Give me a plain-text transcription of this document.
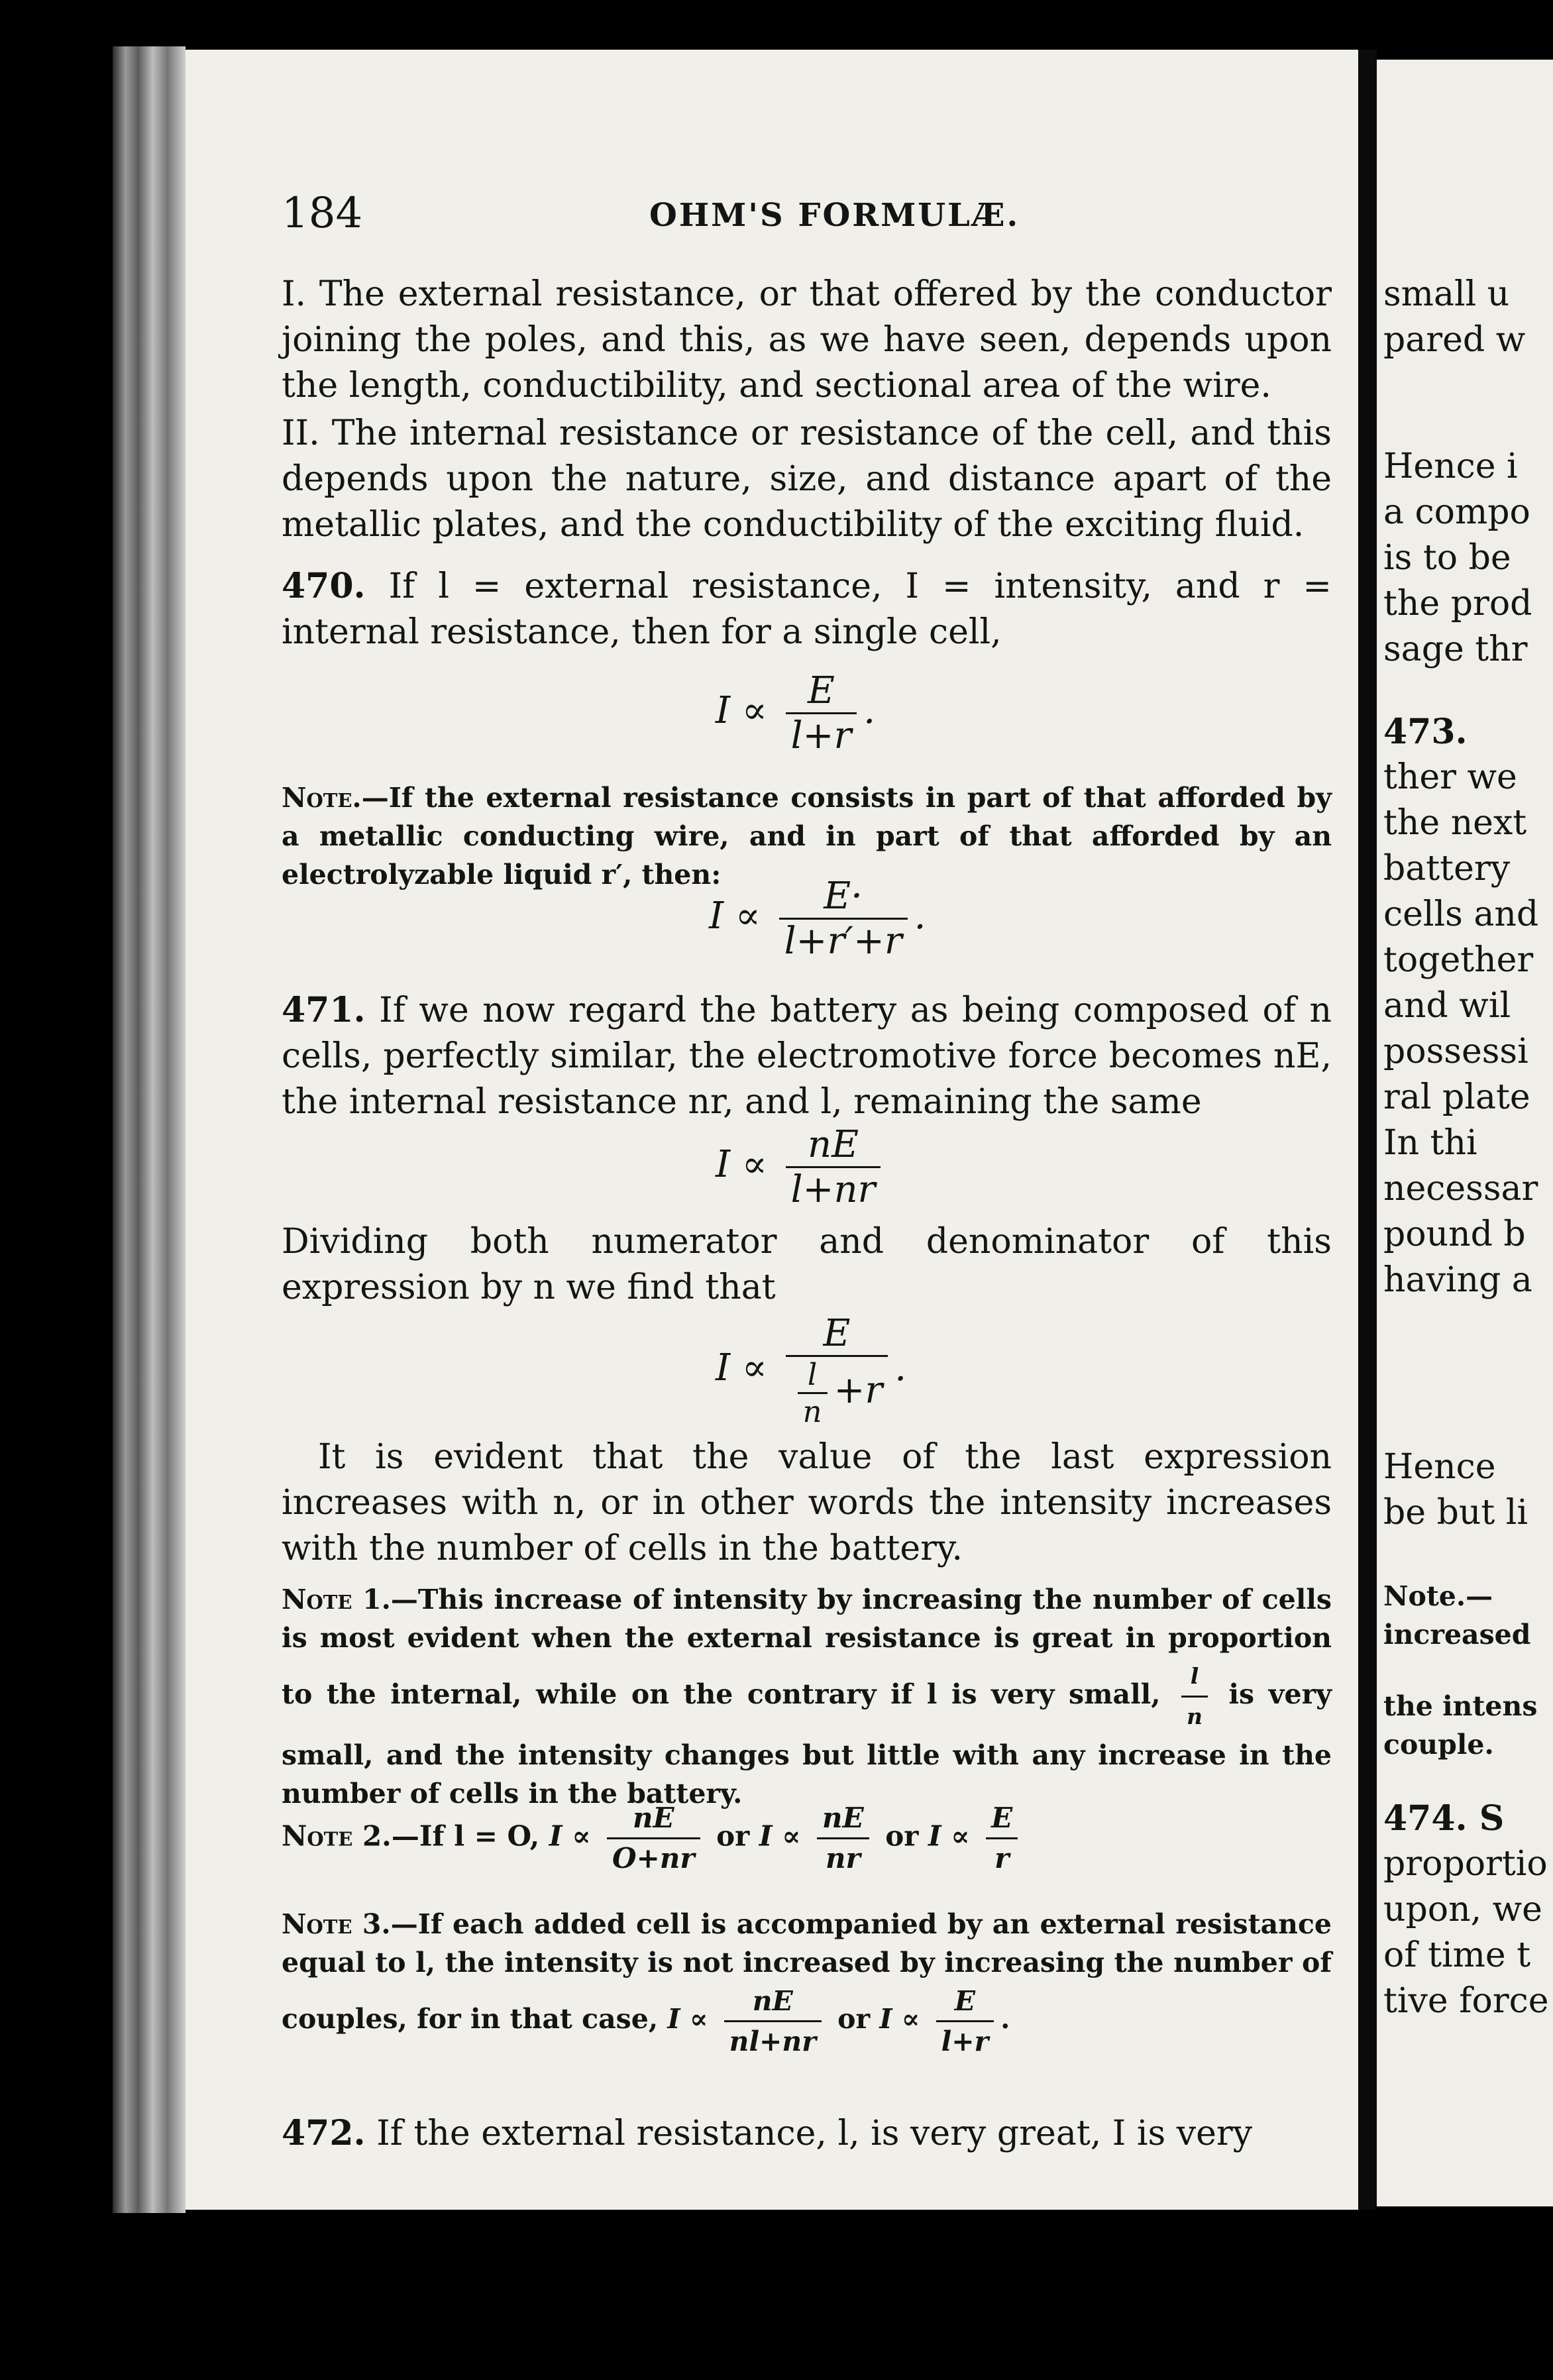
184	OHM'S FORMULÆ.

I. The external resistance, or that offered by the conductor joining the poles, and this, as we have seen, depends upon the length, conductibility, and sectional area of the wire.

II. The internal resistance or resistance of the cell, and this depends upon the nature, size, and distance apart of the metallic plates, and the conductibility of the exciting fluid.

470. If l = external resistance, I = intensity, and r = internal resistance, then for a single cell,

$I \propto \frac{E}{l+r}$ .

Note.—If the external resistance consists in part of that afforded by a metallic conducting wire, and in part of that afforded by an electrolyzable liquid r′, then:

$I \propto \frac{E\cdot}{l+r'+r}$ .

471. If we now regard the battery as being composed of n cells, perfectly similar, the electromotive force becomes nE, the internal resistance nr, and l, remaining the same

$I \propto \frac{nE}{l+nr}$

Dividing both numerator and denominator of this expression by n we find that

$I \propto \frac{E}{\frac{l}{n} +r}$ .

It is evident that the value of the last expression increases with n, or in other words the intensity increases with the number of cells in the battery.

Note 1.—This increase of intensity by increasing the number of cells is most evident when the external resistance is great in proportion to the internal, while on the contrary if l is very small, $\frac{l}{n}$ is very small, and the intensity changes but little with any increase in the number of cells in the battery.

Note 2.—If l = O, $I \propto \frac{nE}{O+nr}$ or $I \propto \frac{nE}{nr}$ or $I \propto \frac{E}{r}$

Note 3.—If each added cell is accompanied by an external resistance equal to l, the intensity is not increased by increasing the number of couples, for in that case, $I \propto \frac{nE}{nl+nr}$ or $I \propto \frac{E}{l+r}$ .

472. If the external resistance, l, is very great, I is very

small u
pared w
Hence i
a compo
is to be
the prod
sage thr
473.
ther we
the next
battery
cells and
together
and wil
possessi
ral plate
In thi
necessar
pound b
having a
Hence
be but li
Note.—
increased
the intens
couple.
474. S
proportio
upon, we
of time t
tive force
